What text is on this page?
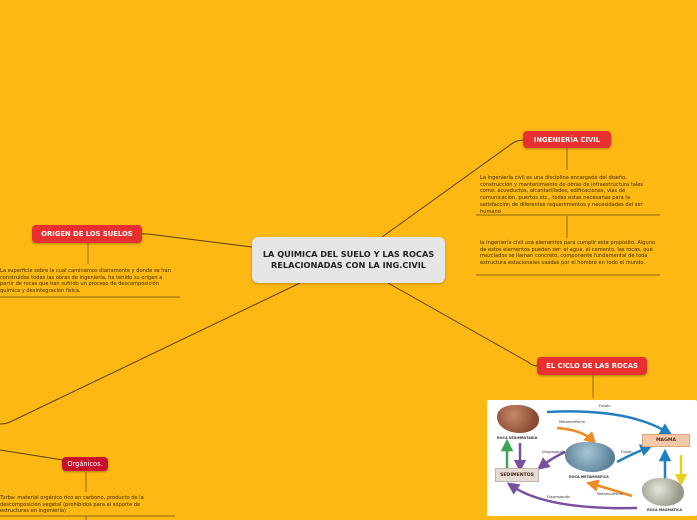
LA QUIMICA DEL SUELO Y LAS ROCAS RELACIONADAS CON LA ING.CIVIL
INGENIERÍA CIVIL
La ingeniería civil es una disciplina encargada del diseño, construcción y mantenimiento de obras de infraestructura tales como: acueductos, alcantarillados, edificaciones, vías de comunicación, puertos etc., todas estas necesarias para la satisfacción de diferentes requerimientos y necesidades del ser humano
la ingeniería civil usa elementos para cumplir este propósito. Alguno de estos elementos pueden ser: el agua, el cemento, las rocas, que mezclados se llaman concreto, componente fundamental de toda estructura estacionales usadas por el hombre en todo el mundo.
ORIGEN DE LOS SUELOS
La superficie sobre la cual caminamos diariamente y donde se han construidos todas las obras de ingeniería, ha tenido su origen a partir de rocas que han sufrido un proceso de descomposición química y desintegración física.
EL CICLO DE LAS ROCAS
ROCA SEDIMENTARIA
ROCA METAMÓRFICA
MAGMA
SEDIMENTOS
ROCA MAGMÁTICA
Fusión
Metamorfismo
Fusión
Disgregación
Disgregación
Metamorfismo
Orgánicos.
Turba: material orgánico rico en carbono, producto de la descomposición vegetal (prohibidos para el soporte de estructuras en ingeniería)
